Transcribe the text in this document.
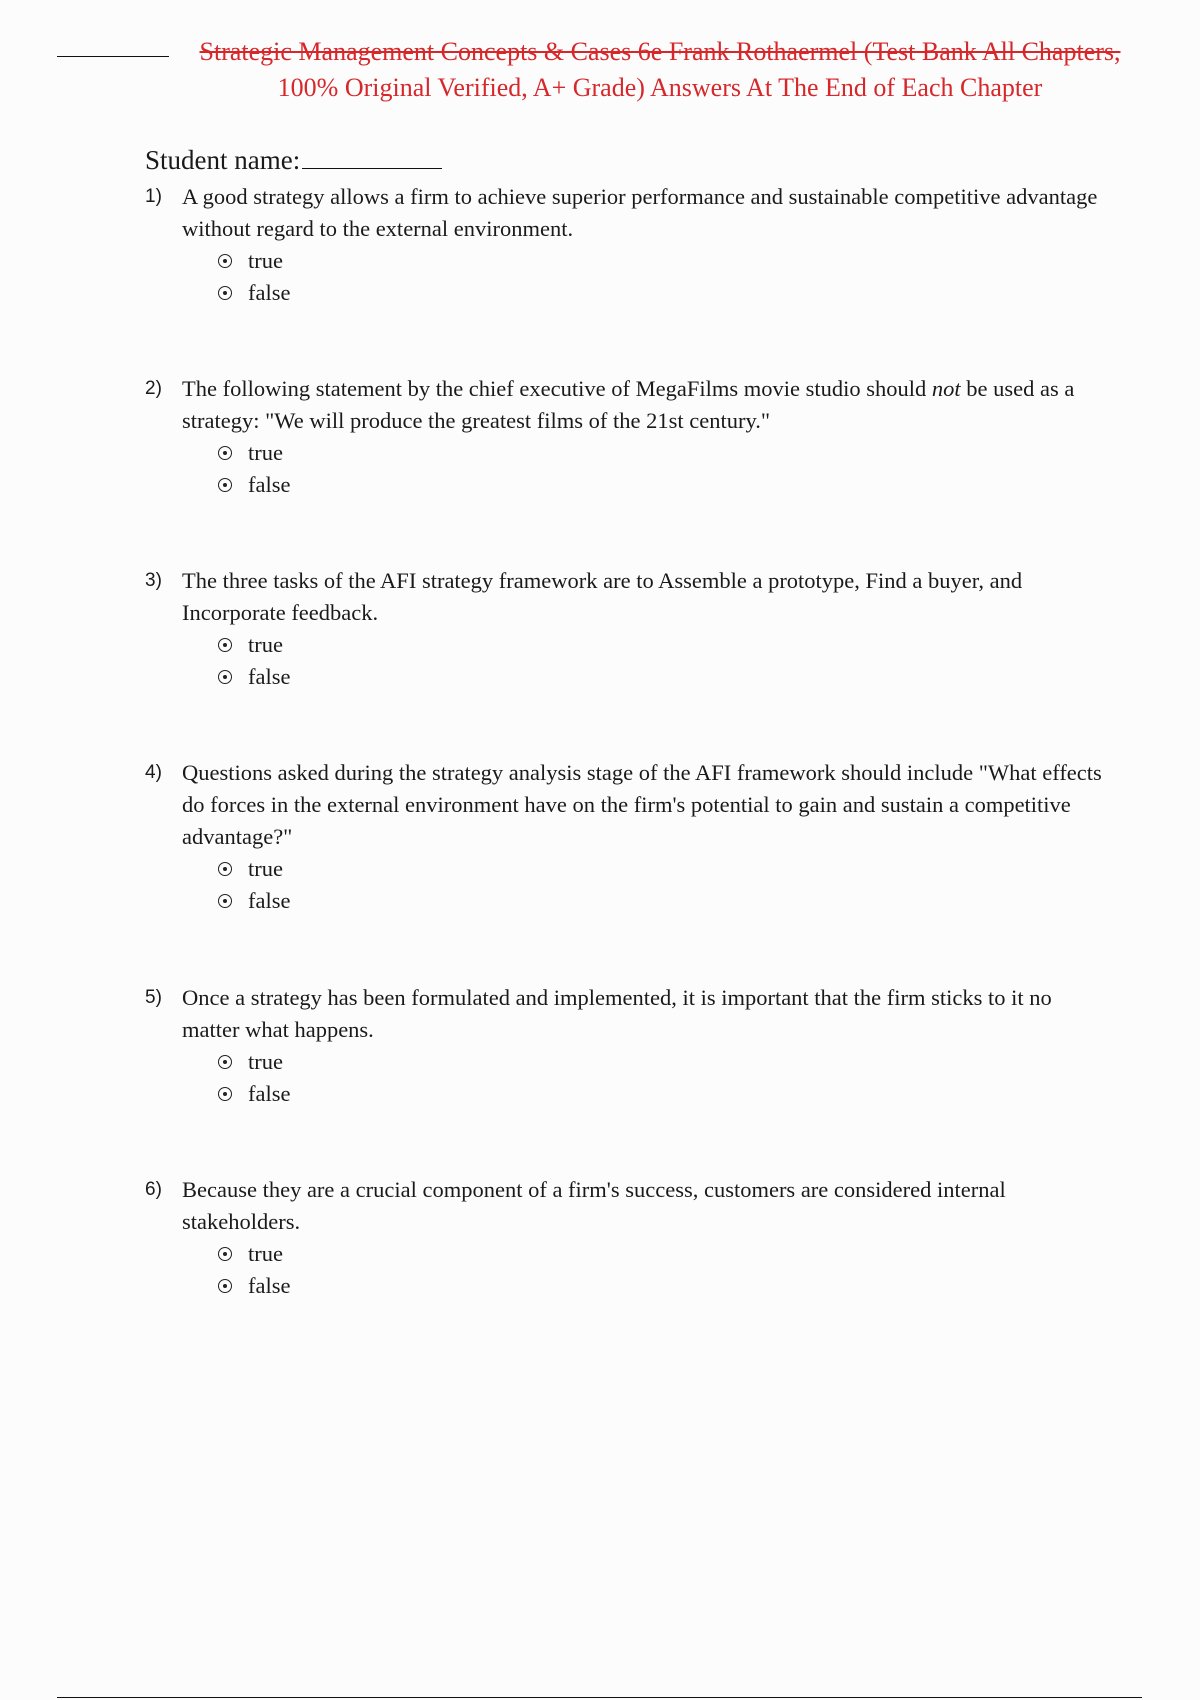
Strategic Management Concepts & Cases 6e Frank Rothaermel (Test Bank All Chapters,
100% Original Verified, A+ Grade) Answers At The End of Each Chapter
Student name:
1) A good strategy allows a firm to achieve superior performance and sustainable competitive advantage without regard to the external environment.
true
false
2) The following statement by the chief executive of MegaFilms movie studio should not be used as a strategy: "We will produce the greatest films of the 21st century."
true
false
3) The three tasks of the AFI strategy framework are to Assemble a prototype, Find a buyer, and Incorporate feedback.
true
false
4) Questions asked during the strategy analysis stage of the AFI framework should include "What effects do forces in the external environment have on the firm's potential to gain and sustain a competitive advantage?"
true
false
5) Once a strategy has been formulated and implemented, it is important that the firm sticks to it no matter what happens.
true
false
6) Because they are a crucial component of a firm's success, customers are considered internal stakeholders.
true
false
